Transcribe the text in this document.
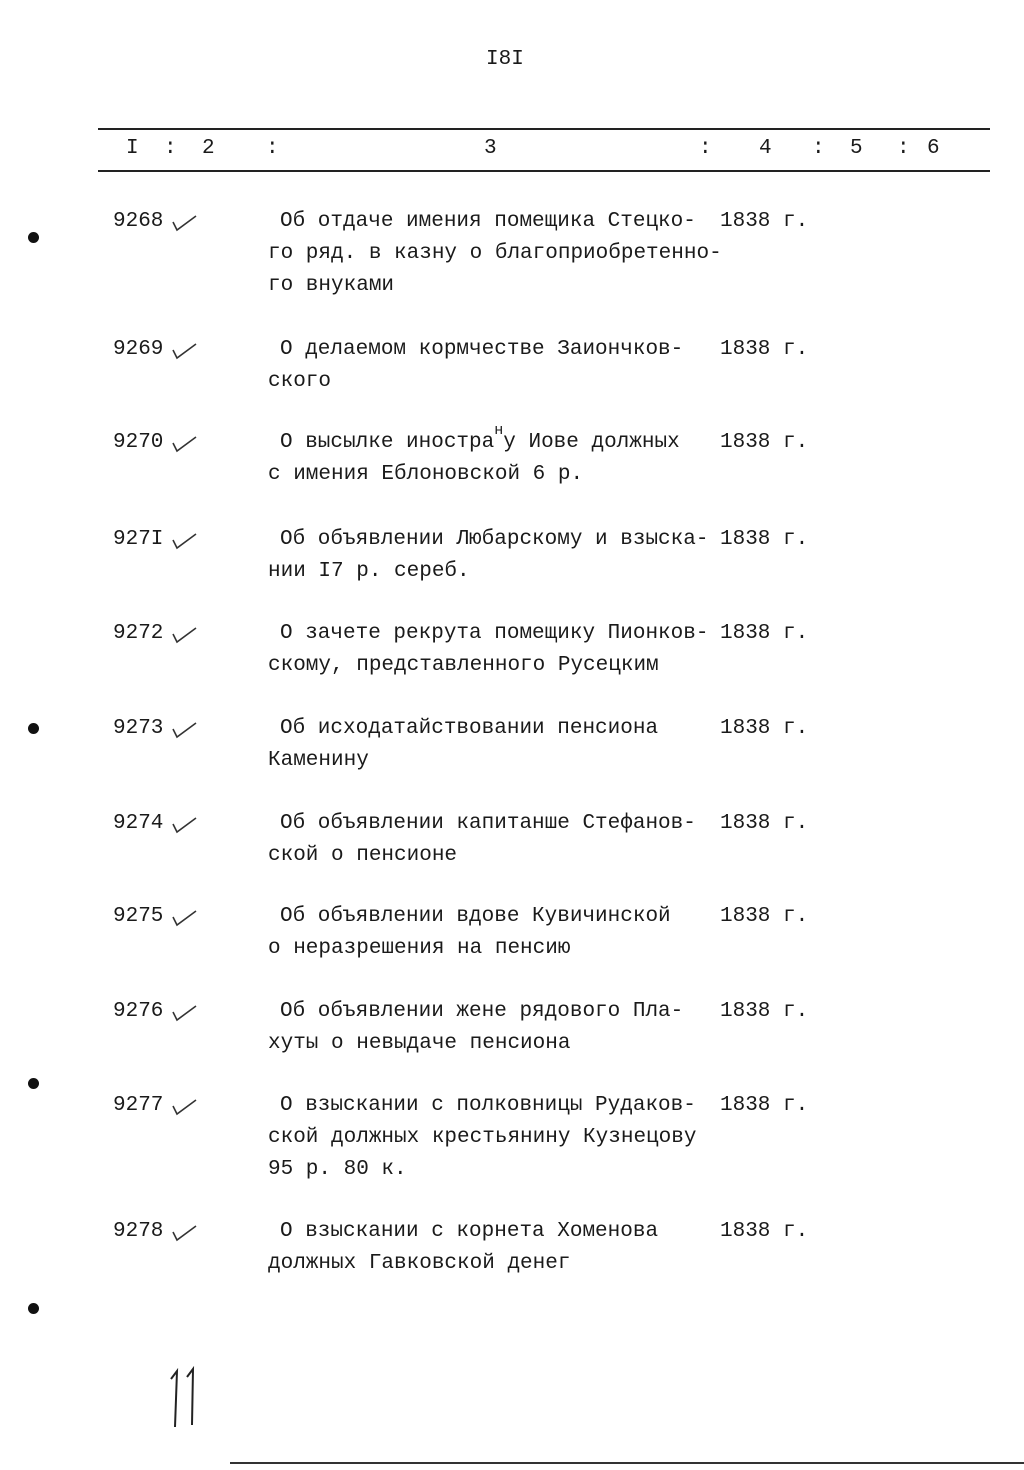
I8I
I : 2 :	3	: 4 : 5 : 6
9268	Об отдаче имения помещика Стецко-
го ряд. в казну о благоприобретенно-
го внуками
1838 г.
9269	О делаемом кормчестве Заиончков-
ского
1838 г.
9270	О высылке иностра$^н$у Иове должных
с имения Еблоновской 6 р.
1838 г.
927I	Об объявлении Любарскому и взыска-
нии I7 р. сереб.
1838 г.
9272	О зачете рекрута помещику Пионков-
скому, представленного Русецким
1838 г.
9273	Об исходатайствовании пенсиона
Каменину
1838 г.
9274	Об объявлении капитанше Стефанов-
ской о пенсионе
1838 г.
9275	Об объявлении вдове Кувичинской
о неразрешения на пенсию
1838 г.
9276	Об объявлении жене рядового Пла-
хуты о невыдаче пенсиона
1838 г.
9277	О взыскании с полковницы Рудаков-
ской должных крестьянину Кузнецову
95 р. 80 к.
1838 г.
9278	О взыскании с корнета Хоменова
должных Гавковской денег
1838 г.
